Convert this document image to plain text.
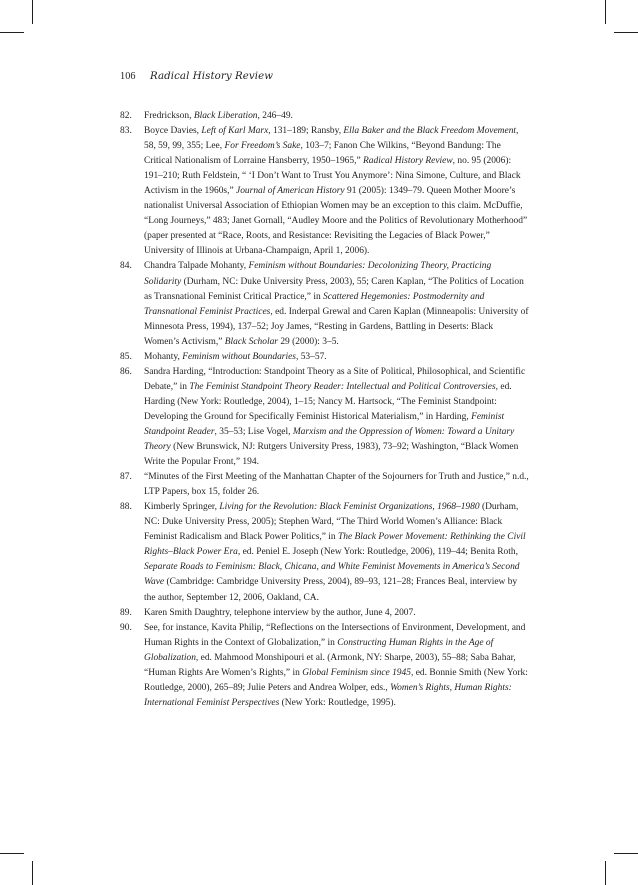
106 Radical History Review
82. Fredrickson, Black Liberation, 246–49.
83. Boyce Davies, Left of Karl Marx, 131–189; Ransby, Ella Baker and the Black Freedom Movement, 58, 59, 99, 355; Lee, For Freedom’s Sake, 103–7; Fanon Che Wilkins, “Beyond Bandung: The Critical Nationalism of Lorraine Hansberry, 1950–1965,” Radical History Review, no. 95 (2006): 191–210; Ruth Feldstein, “ ‘I Don’t Want to Trust You Anymore’: Nina Simone, Culture, and Black Activism in the 1960s,” Journal of American History 91 (2005): 1349–79. Queen Mother Moore’s nationalist Universal Association of Ethiopian Women may be an exception to this claim. McDuffie, “Long Journeys,” 483; Janet Gornall, “Audley Moore and the Politics of Revolutionary Motherhood” (paper presented at “Race, Roots, and Resistance: Revisiting the Legacies of Black Power,” University of Illinois at Urbana-Champaign, April 1, 2006).
84. Chandra Talpade Mohanty, Feminism without Boundaries: Decolonizing Theory, Practicing Solidarity (Durham, NC: Duke University Press, 2003), 55; Caren Kaplan, “The Politics of Location as Transnational Feminist Critical Practice,” in Scattered Hegemonies: Postmodernity and Transnational Feminist Practices, ed. Inderpal Grewal and Caren Kaplan (Minneapolis: University of Minnesota Press, 1994), 137–52; Joy James, “Resting in Gardens, Battling in Deserts: Black Women’s Activism,” Black Scholar 29 (2000): 3–5.
85. Mohanty, Feminism without Boundaries, 53–57.
86. Sandra Harding, “Introduction: Standpoint Theory as a Site of Political, Philosophical, and Scientific Debate,” in The Feminist Standpoint Theory Reader: Intellectual and Political Controversies, ed. Harding (New York: Routledge, 2004), 1–15; Nancy M. Hartsock, “The Feminist Standpoint: Developing the Ground for Specifically Feminist Historical Materialism,” in Harding, Feminist Standpoint Reader, 35–53; Lise Vogel, Marxism and the Oppression of Women: Toward a Unitary Theory (New Brunswick, NJ: Rutgers University Press, 1983), 73–92; Washington, “Black Women Write the Popular Front,” 194.
87. “Minutes of the First Meeting of the Manhattan Chapter of the Sojourners for Truth and Justice,” n.d., LTP Papers, box 15, folder 26.
88. Kimberly Springer, Living for the Revolution: Black Feminist Organizations, 1968–1980 (Durham, NC: Duke University Press, 2005); Stephen Ward, “The Third World Women’s Alliance: Black Feminist Radicalism and Black Power Politics,” in The Black Power Movement: Rethinking the Civil Rights–Black Power Era, ed. Peniel E. Joseph (New York: Routledge, 2006), 119–44; Benita Roth, Separate Roads to Feminism: Black, Chicana, and White Feminist Movements in America’s Second Wave (Cambridge: Cambridge University Press, 2004), 89–93, 121–28; Frances Beal, interview by the author, September 12, 2006, Oakland, CA.
89. Karen Smith Daughtry, telephone interview by the author, June 4, 2007.
90. See, for instance, Kavita Philip, “Reflections on the Intersections of Environment, Development, and Human Rights in the Context of Globalization,” in Constructing Human Rights in the Age of Globalization, ed. Mahmood Monshipouri et al. (Armonk, NY: Sharpe, 2003), 55–88; Saba Bahar, “Human Rights Are Women’s Rights,” in Global Feminism since 1945, ed. Bonnie Smith (New York: Routledge, 2000), 265–89; Julie Peters and Andrea Wolper, eds., Women’s Rights, Human Rights: International Feminist Perspectives (New York: Routledge, 1995).
